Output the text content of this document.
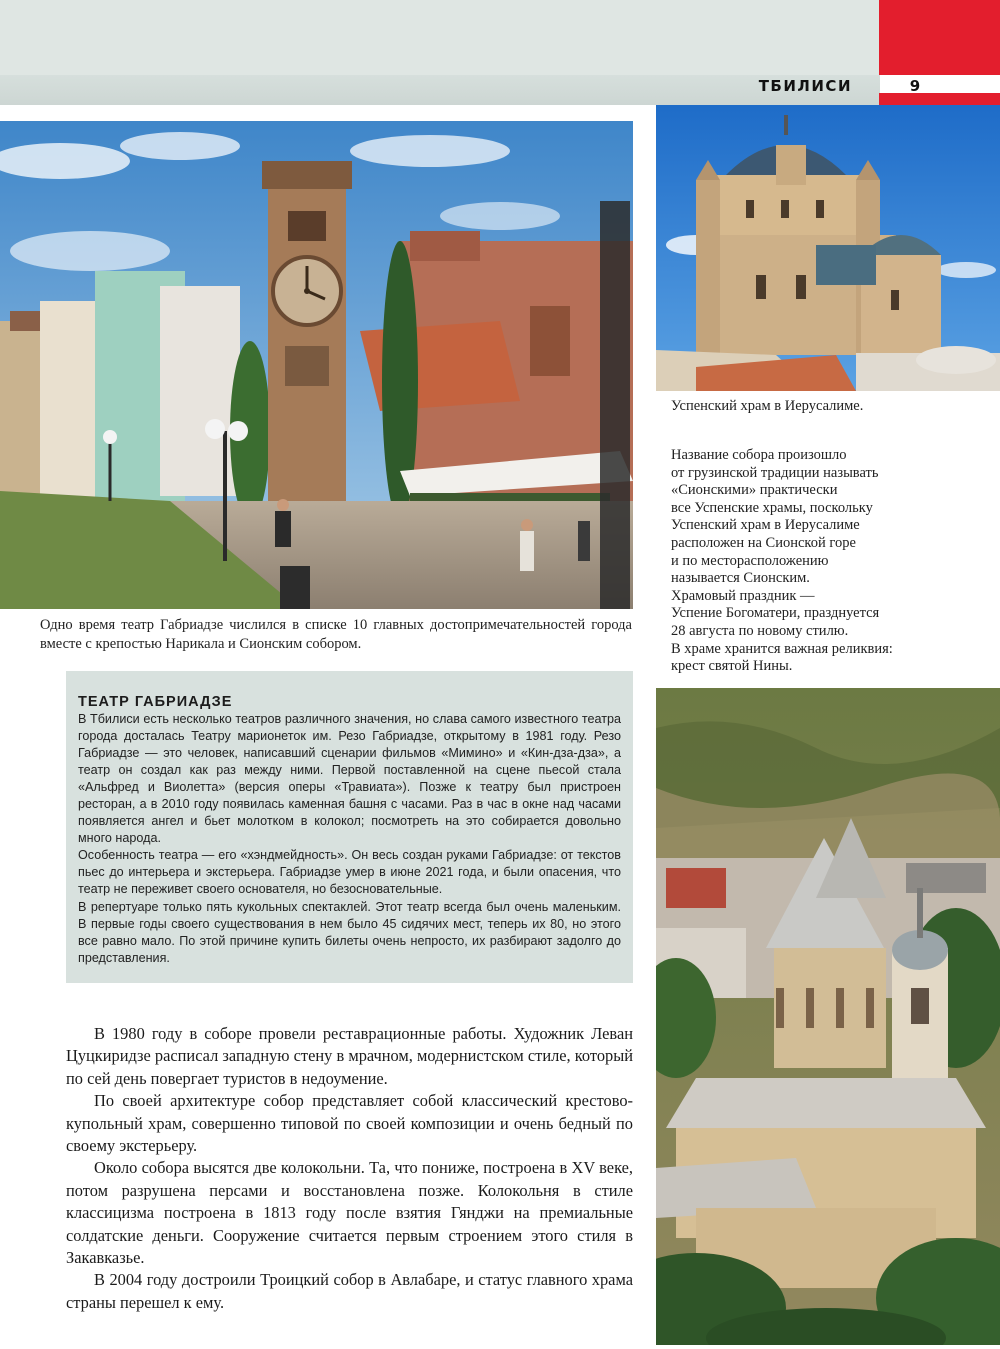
ТБИЛИСИ	9
Одно время театр Габриадзе числился в списке 10 главных достопримечательностей города вместе с крепостью Нарикала и Сионским собором.
Успенский храм в Иерусалиме.

Название собора произошло
от грузинской традиции называть
«Сионскими» практически
все Успенские храмы, поскольку
Успенский храм в Иерусалиме
расположен на Сионской горе
и по месторасположению
называется Сионским.
Храмовый праздник —
Успение Богоматери, празднуется
28 августа по новому стилю.
В храме хранится важная реликвия:
крест святой Нины.

ТЕАТР ГАБРИАДЗЕ

В Тбилиси есть несколько театров различного значения, но слава самого известного театра города досталась Театру марионеток им. Резо Габриадзе, открытому в 1981 году. Резо Габриадзе — это человек, написавший сценарии фильмов «Мимино» и «Кин-дза-дза», а театр он создал как раз между ними. Первой поставленной на сцене пьесой стала «Альфред и Виолетта» (версия оперы «Травиата»). Позже к театру был пристроен ресторан, а в 2010 году появилась каменная башня с часами. Раз в час в окне над часами появляется ангел и бьет молотком в колокол; посмотреть на это собирается довольно много народа.

Особенность театра — его «хэндмейдность». Он весь создан руками Габриадзе: от текстов пьес до интерьера и экстерьера. Габриадзе умер в июне 2021 года, и были опасения, что театр не переживет своего основателя, но безосновательные.

В репертуаре только пять кукольных спектаклей. Этот театр всегда был очень маленьким. В первые годы своего существования в нем было 45 сидячих мест, теперь их 80, но этого все равно мало. По этой причине купить билеты очень непросто, их разбирают задолго до представления.

В 1980 году в соборе провели реставрационные работы. Художник Леван Цуцкиридзе расписал западную стену в мрачном, модернистском стиле, который по сей день повергает туристов в недоумение.

По своей архитектуре собор представляет собой классический крестово-купольный храм, совершенно типовой по своей композиции и очень бедный по своему экстерьеру.

Около собора высятся две колокольни. Та, что пониже, построена в XV веке, потом разрушена персами и восстановлена позже. Колокольня в стиле классицизма построена в 1813 году после взятия Гянджи на премиальные солдатские деньги. Сооружение считается первым строением этого стиля в Закавказье.

В 2004 году достроили Троицкий собор в Авлабаре, и статус главного храма страны перешел к ему.
